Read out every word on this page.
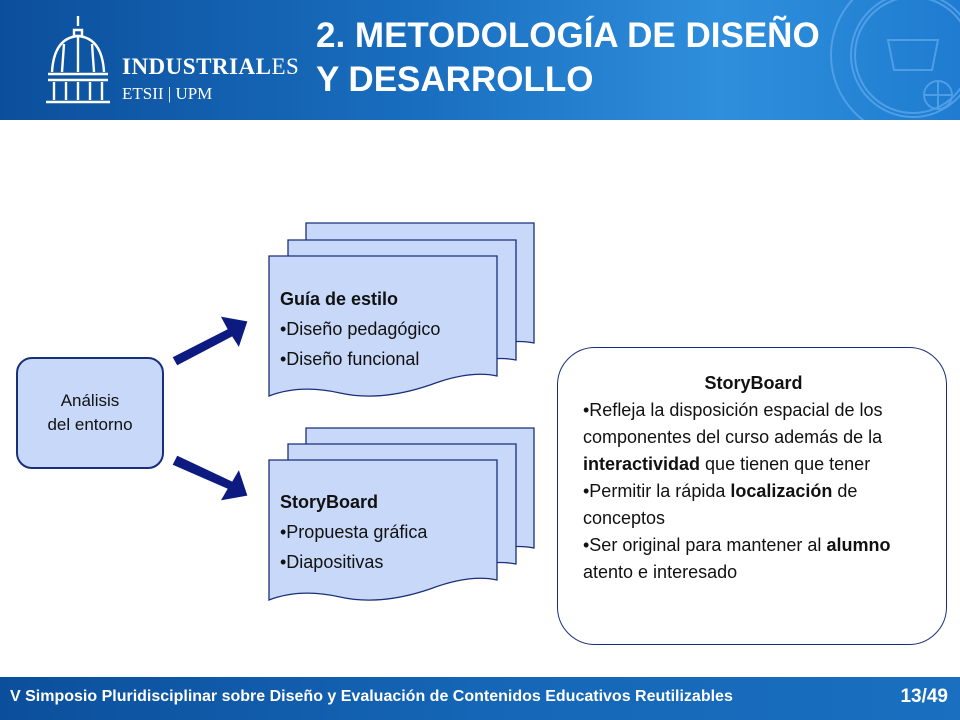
INDUSTRIALES
ETSII | UPM
2. METODOLOGÍA DE DISEÑO
Y DESARROLLO
Análisis
del entorno
Guía de estilo
•Diseño pedagógico
•Diseño funcional
StoryBoard
•Propuesta gráfica
•Diapositivas
StoryBoard

•Refleja la disposición espacial de los componentes del curso además de la interactividad que tienen que tener

•Permitir la rápida localización de conceptos

•Ser original para mantener al alumno atento e interesado

V Simposio Pluridisciplinar sobre Diseño y Evaluación de Contenidos Educativos Reutilizables	13/49
